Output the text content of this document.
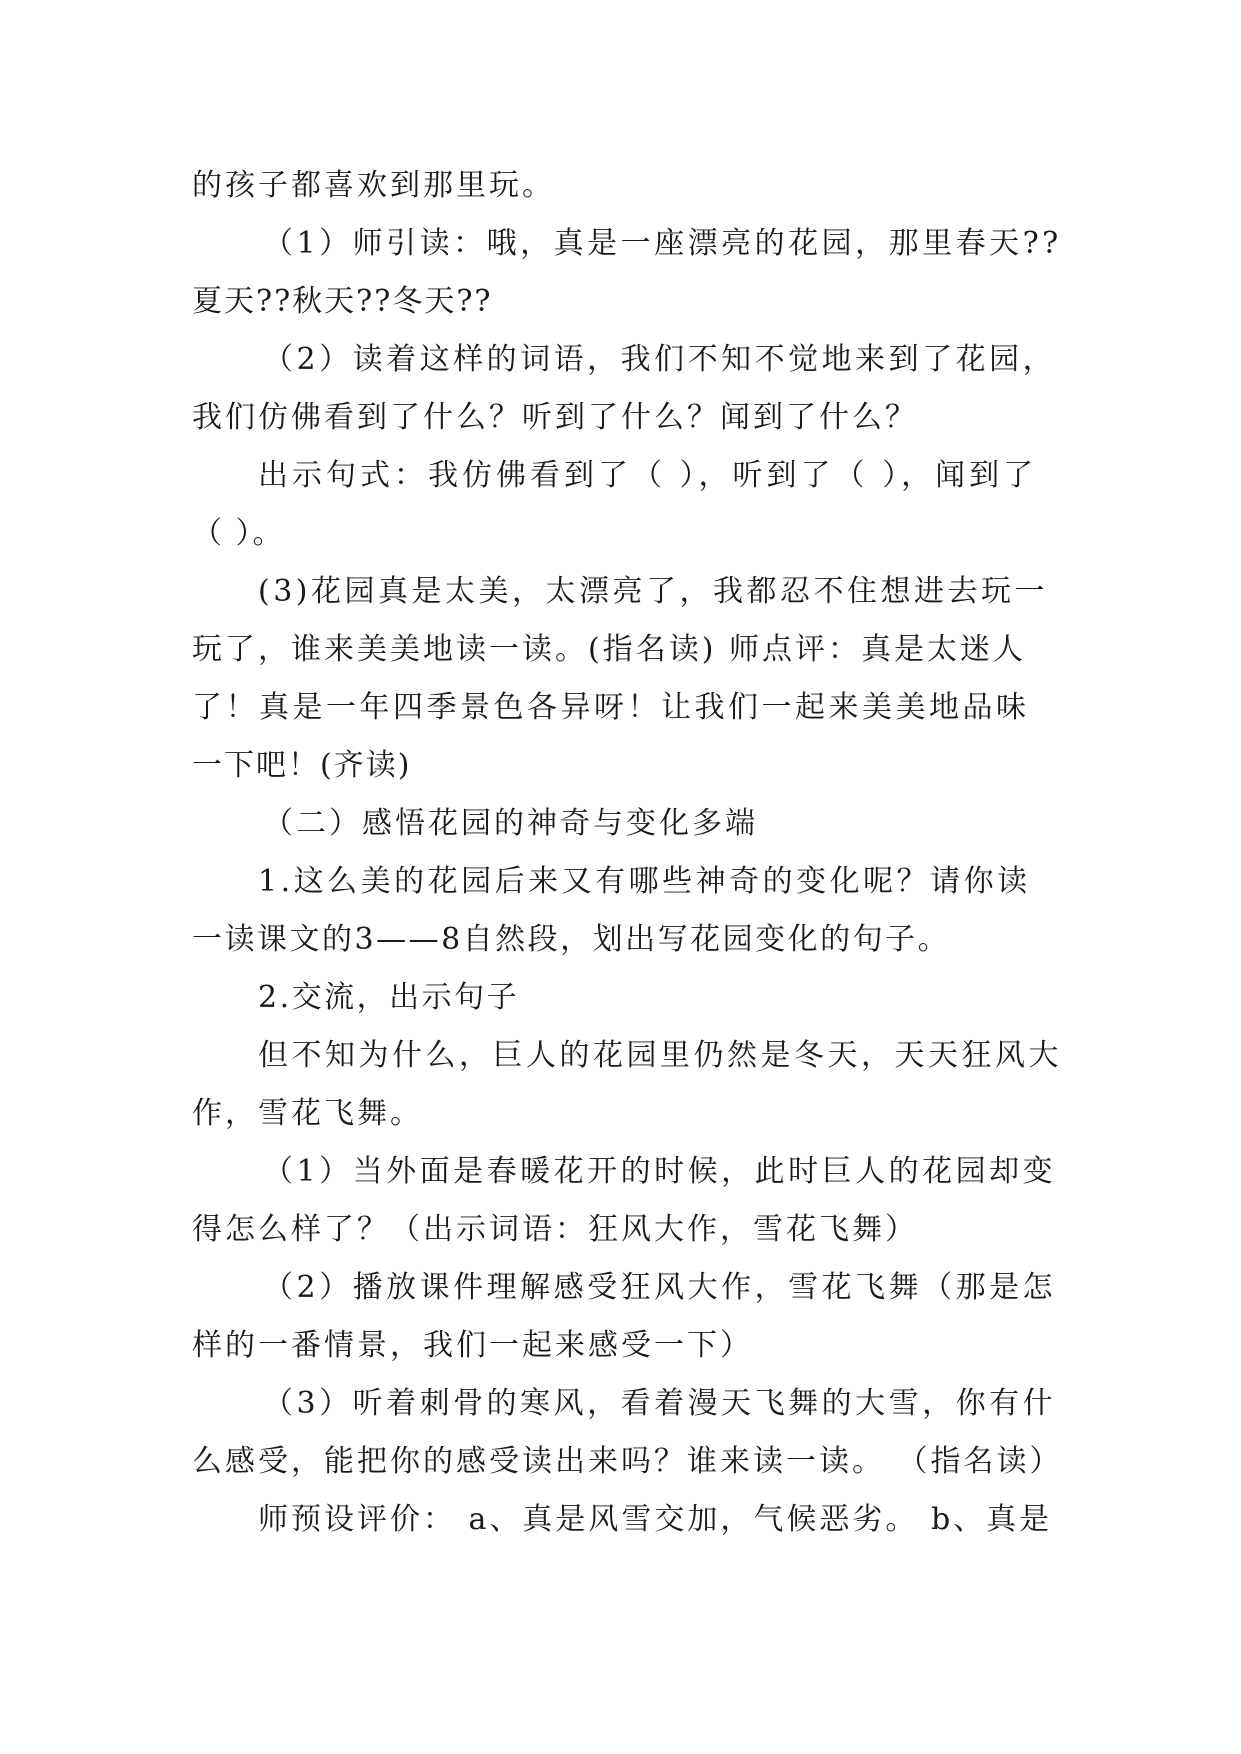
的孩子都喜欢到那里玩。
（1）师引读：哦，真是一座漂亮的花园，那里春天??
夏天??秋天??冬天??
（2）读着这样的词语，我们不知不觉地来到了花园，
我们仿佛看到了什么？听到了什么？闻到了什么？
出示句式：我仿佛看到了（ ），听到了（ ），闻到了
（ ）。
(3)花园真是太美，太漂亮了，我都忍不住想进去玩一
玩了，谁来美美地读一读。(指名读) 师点评：真是太迷人
了！真是一年四季景色各异呀！让我们一起来美美地品味
一下吧！(齐读)
（二）感悟花园的神奇与变化多端
1.这么美的花园后来又有哪些神奇的变化呢？请你读
一读课文的3——8自然段，划出写花园变化的句子。
2.交流，出示句子
但不知为什么，巨人的花园里仍然是冬天，天天狂风大
作，雪花飞舞。
（1）当外面是春暖花开的时候，此时巨人的花园却变
得怎么样了？（出示词语：狂风大作，雪花飞舞）
（2）播放课件理解感受狂风大作，雪花飞舞（那是怎
样的一番情景，我们一起来感受一下）
（3）听着刺骨的寒风，看着漫天飞舞的大雪，你有什
么感受，能把你的感受读出来吗？谁来读一读。 （指名读）
师预设评价： a、真是风雪交加，气候恶劣。 b、真是
